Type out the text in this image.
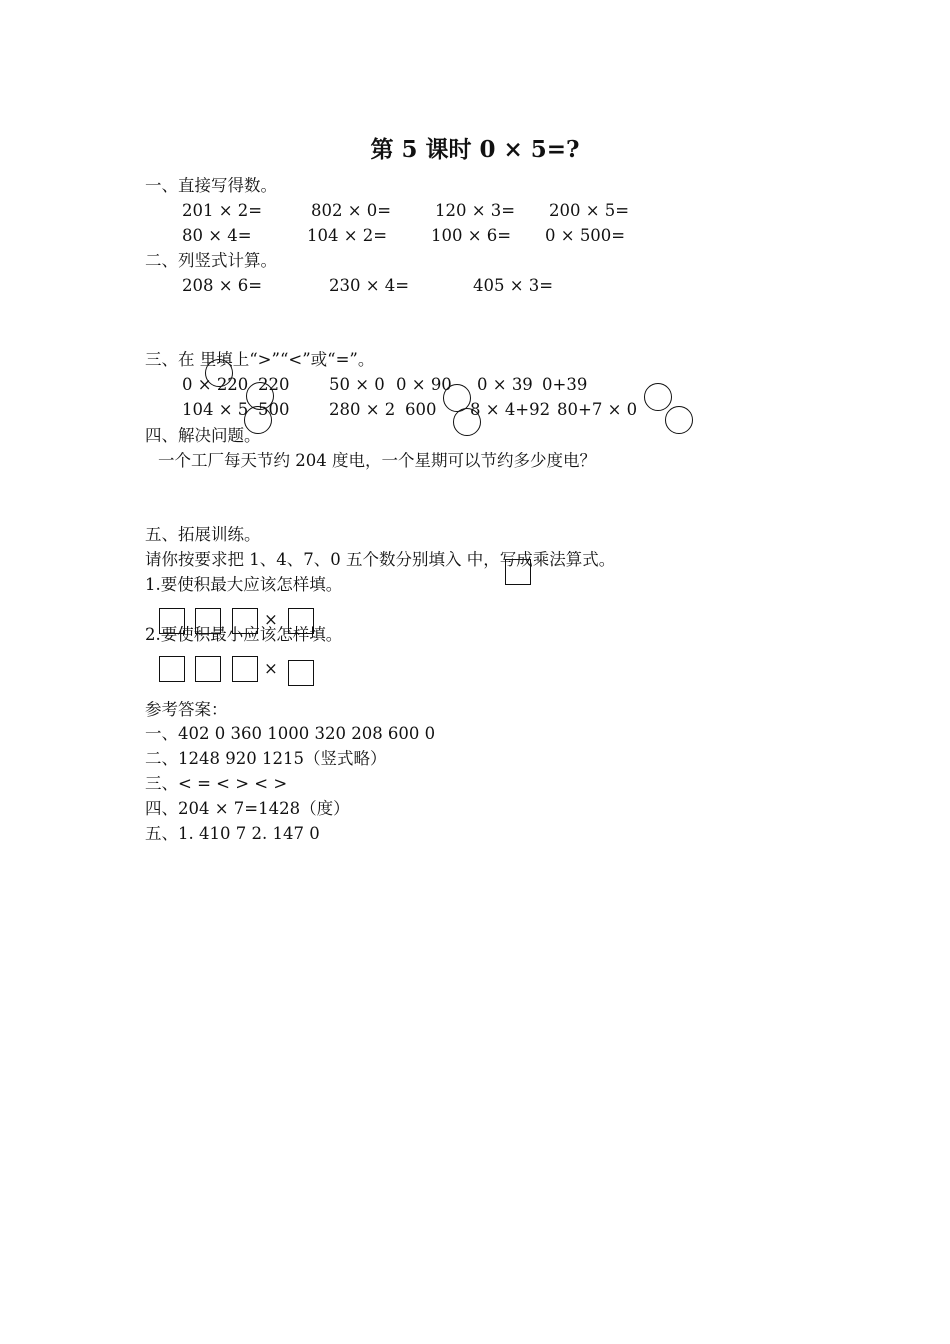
第 5 课时 0 × 5=?
一、直接写得数。
201 × 2=	802 × 0=	120 × 3= 200 × 5=
80 × 4=	104 × 2=	100 × 6= 0 × 500=
二、列竖式计算。
208 × 6=	230 × 4=	405 × 3=
三、在 里填上“>”“<”或“=”。
0 × 220 220 50 × 0 0 × 90 0 × 39 0+39
104 × 5 500 280 × 2 600 8 × 4+92 80+7 × 0
四、解决问题。
一个工厂每天节约 204 度电，一个星期可以节约多少度电？
五、拓展训练。
请你按要求把 1、4、7、0 五个数分别填入 中，写成乘法算式。
1.要使积最大应该怎样填。
×
2.要使积最小应该怎样填。
×
参考答案：
一、402 0 360 1000 320 208 600 0
二、1248 920 1215（竖式略）
三、< = < > < >
四、204 × 7=1428（度）
五、1. 410 7 2. 147 0
